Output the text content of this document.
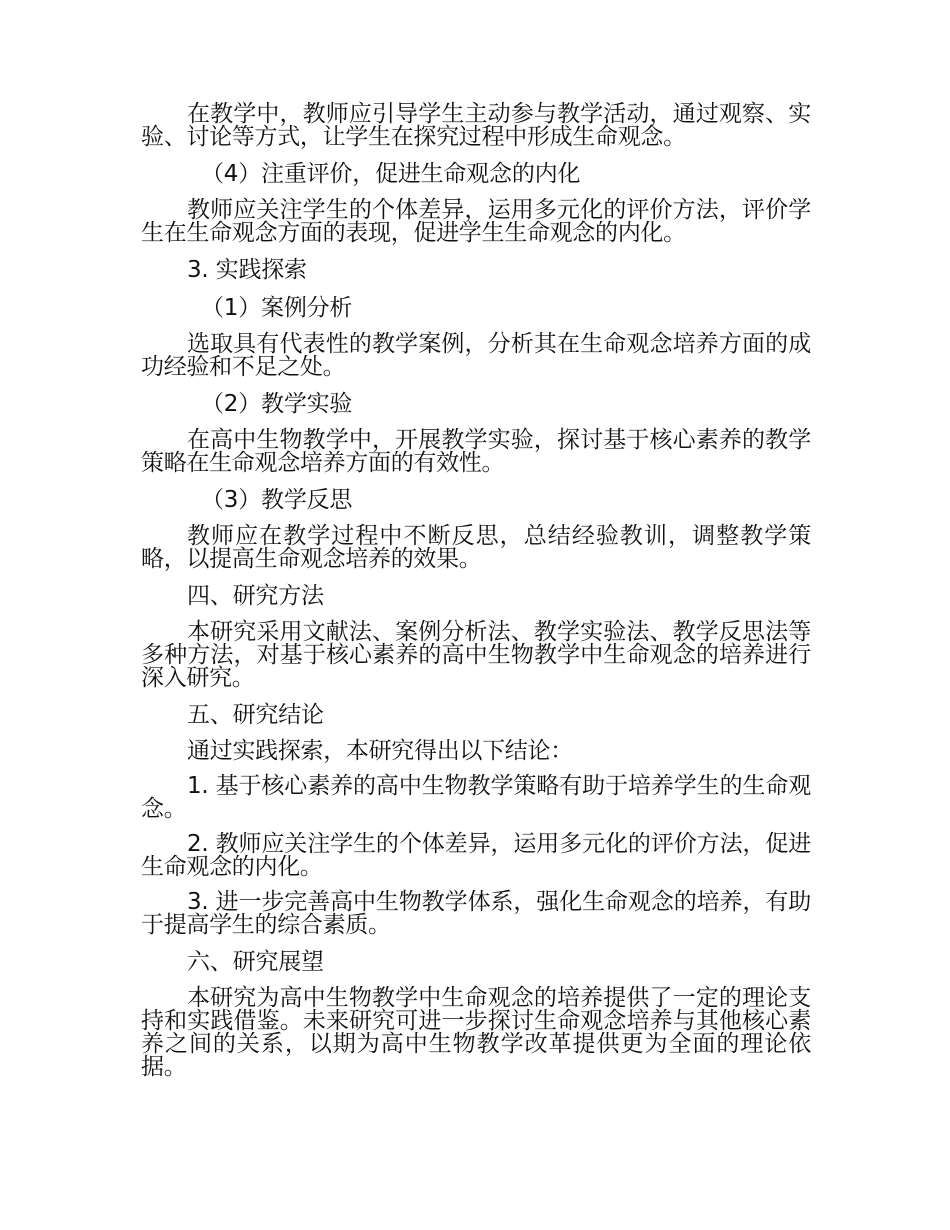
在教学中，教师应引导学生主动参与教学活动，通过观察、实验、讨论等方式，让学生在探究过程中形成生命观念。

（4）注重评价，促进生命观念的内化

教师应关注学生的个体差异，运用多元化的评价方法，评价学生在生命观念方面的表现，促进学生生命观念的内化。

3. 实践探索
（1）案例分析

选取具有代表性的教学案例，分析其在生命观念培养方面的成功经验和不足之处。

（2）教学实验

在高中生物教学中，开展教学实验，探讨基于核心素养的教学策略在生命观念培养方面的有效性。

（3）教学反思

教师应在教学过程中不断反思，总结经验教训，调整教学策略，以提高生命观念培养的效果。

四、研究方法

本研究采用文献法、案例分析法、教学实验法、教学反思法等多种方法，对基于核心素养的高中生物教学中生命观念的培养进行深入研究。

五、研究结论

通过实践探索，本研究得出以下结论：

1. 基于核心素养的高中生物教学策略有助于培养学生的生命观念。

2. 教师应关注学生的个体差异，运用多元化的评价方法，促进生命观念的内化。

3. 进一步完善高中生物教学体系，强化生命观念的培养，有助于提高学生的综合素质。

六、研究展望

本研究为高中生物教学中生命观念的培养提供了一定的理论支持和实践借鉴。未来研究可进一步探讨生命观念培养与其他核心素养之间的关系，以期为高中生物教学改革提供更为全面的理论依据。
